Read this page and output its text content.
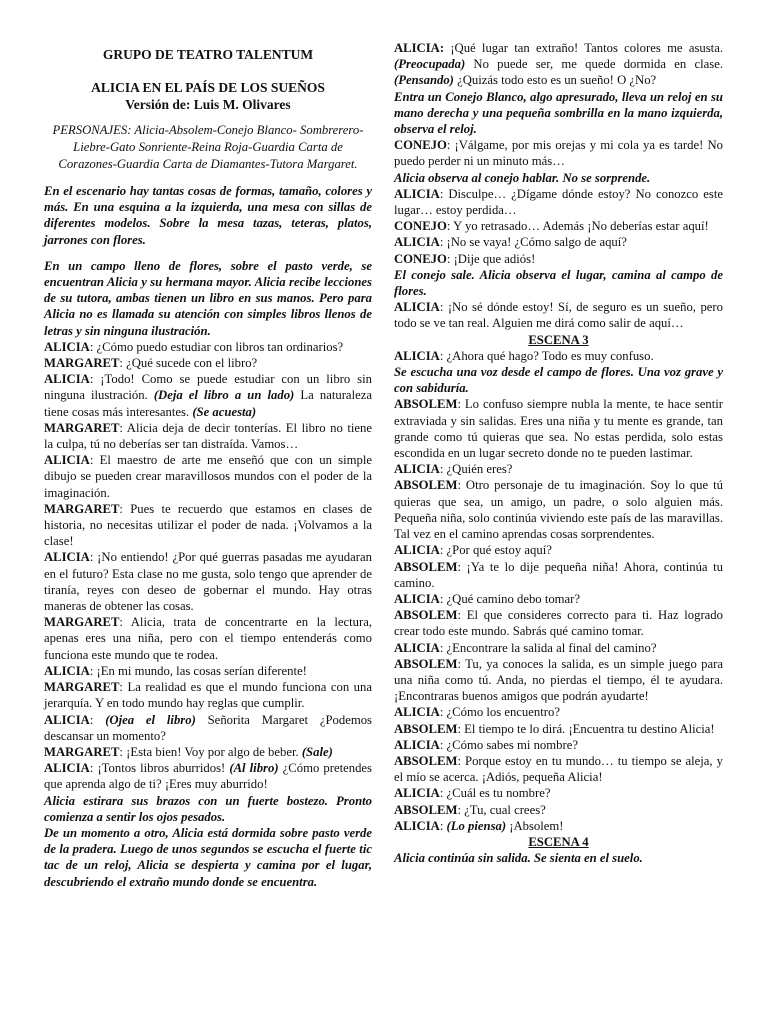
GRUPO DE TEATRO TALENTUM
ALICIA EN EL PAÍS DE LOS SUEÑOS
Versión de: Luis M. Olivares
PERSONAJES: Alicia-Absolem-Conejo Blanco- Sombrerero- Liebre-Gato Sonriente-Reina Roja-Guardia Carta de Corazones-Guardia Carta de Diamantes-Tutora Margaret.

En el escenario hay tantas cosas de formas, tamaño, colores y más. En una esquina a la izquierda, una mesa con sillas de diferentes modelos. Sobre la mesa tazas, teteras, platos, jarrones con flores.

En un campo lleno de flores, sobre el pasto verde, se encuentran Alicia y su hermana mayor. Alicia recibe lecciones de su tutora, ambas tienen un libro en sus manos. Pero para Alicia no es llamada su atención con simples libros llenos de letras y sin ninguna ilustración.

ALICIA: ¿Cómo puedo estudiar con libros tan ordinarios?

MARGARET: ¿Qué sucede con el libro?

ALICIA: ¡Todo! Como se puede estudiar con un libro sin ninguna ilustración. (Deja el libro a un lado) La naturaleza tiene cosas más interesantes. (Se acuesta)

MARGARET: Alicia deja de decir tonterías. El libro no tiene la culpa, tú no deberías ser tan distraída. Vamos…

ALICIA: El maestro de arte me enseñó que con un simple dibujo se pueden crear maravillosos mundos con el poder de la imaginación.

MARGARET: Pues te recuerdo que estamos en clases de historia, no necesitas utilizar el poder de nada. ¡Volvamos a la clase!

ALICIA: ¡No entiendo! ¿Por qué guerras pasadas me ayudaran en el futuro? Esta clase no me gusta, solo tengo que aprender de tiranía, reyes con deseo de gobernar el mundo. Hay otras maneras de obtener las cosas.

MARGARET: Alicia, trata de concentrarte en la lectura, apenas eres una niña, pero con el tiempo entenderás como funciona este mundo que te rodea.

ALICIA: ¡En mi mundo, las cosas serían diferente!

MARGARET: La realidad es que el mundo funciona con una jerarquía. Y en todo mundo hay reglas que cumplir.

ALICIA: (Ojea el libro) Señorita Margaret ¿Podemos descansar un momento?

MARGARET: ¡Esta bien! Voy por algo de beber. (Sale)

ALICIA: ¡Tontos libros aburridos! (Al libro) ¿Cómo pretendes que aprenda algo de ti? ¡Eres muy aburrido!

Alicia estirara sus brazos con un fuerte bostezo. Pronto comienza a sentir los ojos pesados.

De un momento a otro, Alicia está dormida sobre pasto verde de la pradera. Luego de unos segundos se escucha el fuerte tic tac de un reloj, Alicia se despierta y camina por el lugar, descubriendo el extraño mundo donde se encuentra.

ALICIA: ¡Qué lugar tan extraño! Tantos colores me asusta. (Preocupada) No puede ser, me quede dormida en clase. (Pensando) ¿Quizás todo esto es un sueño! O ¿No?

Entra un Conejo Blanco, algo apresurado, lleva un reloj en su mano derecha y una pequeña sombrilla en la mano izquierda, observa el reloj.

CONEJO: ¡Válgame, por mis orejas y mi cola ya es tarde! No puedo perder ni un minuto más…

Alicia observa al conejo hablar. No se sorprende.

ALICIA: Disculpe… ¿Dígame dónde estoy? No conozco este lugar… estoy perdida…

CONEJO: Y yo retrasado… Además ¡No deberías estar aquí!

ALICIA: ¡No se vaya! ¿Cómo salgo de aquí?

CONEJO: ¡Dije que adiós!

El conejo sale. Alicia observa el lugar, camina al campo de flores.

ALICIA: ¡No sé dónde estoy! Sí, de seguro es un sueño, pero todo se ve tan real. Alguien me dirá como salir de aquí…

ESCENA 3

ALICIA: ¿Ahora qué hago? Todo es muy confuso.

Se escucha una voz desde el campo de flores. Una voz grave y con sabiduría.

ABSOLEM: Lo confuso siempre nubla la mente, te hace sentir extraviada y sin salidas. Eres una niña y tu mente es grande, tan grande como tú quieras que sea. No estas perdida, solo estas escondida en un lugar secreto donde no te pueden lastimar.

ALICIA: ¿Quién eres?

ABSOLEM: Otro personaje de tu imaginación. Soy lo que tú quieras que sea, un amigo, un padre, o solo alguien más. Pequeña niña, solo continúa viviendo este país de las maravillas. Tal vez en el camino aprendas cosas sorprendentes.

ALICIA: ¿Por qué estoy aquí?

ABSOLEM: ¡Ya te lo dije pequeña niña! Ahora, continúa tu camino.

ALICIA: ¿Qué camino debo tomar?

ABSOLEM: El que consideres correcto para ti. Haz logrado crear todo este mundo. Sabrás qué camino tomar.

ALICIA: ¿Encontrare la salida al final del camino?

ABSOLEM: Tu, ya conoces la salida, es un simple juego para una niña como tú. Anda, no pierdas el tiempo, él te ayudara. ¡Encontraras buenos amigos que podrán ayudarte!

ALICIA: ¿Cómo los encuentro?

ABSOLEM: El tiempo te lo dirá. ¡Encuentra tu destino Alicia!

ALICIA: ¿Cómo sabes mi nombre?

ABSOLEM: Porque estoy en tu mundo… tu tiempo se aleja, y el mío se acerca. ¡Adiós, pequeña Alicia!

ALICIA: ¿Cuál es tu nombre?

ABSOLEM: ¿Tu, cual crees?

ALICIA: (Lo piensa) ¡Absolem!

ESCENA 4

Alicia continúa sin salida. Se sienta en el suelo.
